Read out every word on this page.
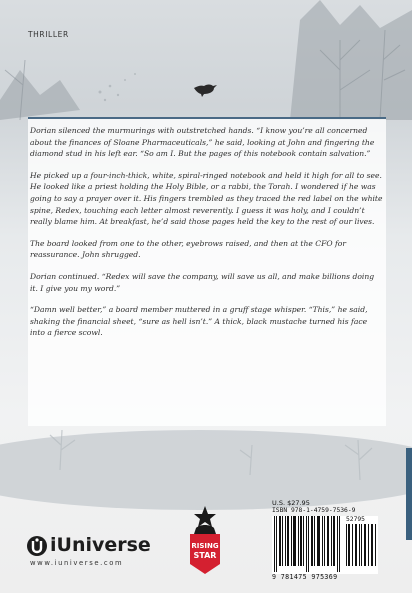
THRILLER

Dorian silenced the murmurings with outstretched hands. “I know you’re all concerned about the finances of Sloane Pharmaceuticals,” he said, looking at John and fingering the diamond stud in his left ear. “So am I. But the pages of this notebook contain salvation.”

He picked up a four-inch-thick, white, spiral-ringed notebook and held it high for all to see. He looked like a priest holding the Holy Bible, or a rabbi, the Torah. I wondered if he was going to say a prayer over it. His fingers trembled as they traced the red label on the white spine, Redex, touching each letter almost reverently. I guess it was holy, and I couldn’t really blame him. At breakfast, he’d said those pages held the key to the rest of our lives.

The board looked from one to the other, eyebrows raised, and then at the CFO for reassurance. John shrugged.

Dorian continued. “Redex will save the company, will save us all, and make billions doing it. I give you my word.”

“Damn well better,” a board member muttered in a gruff stage whisper. “This,” he said, shaking the financial sheet, “sure as hell isn’t.” A thick, black mustache turned his face into a fierce scowl.

iUniverse
www.iuniverse.com
RISING
STAR
U.S. $27.95
ISBN 978-1-4759-7536-9
52795
9 781475 975369
